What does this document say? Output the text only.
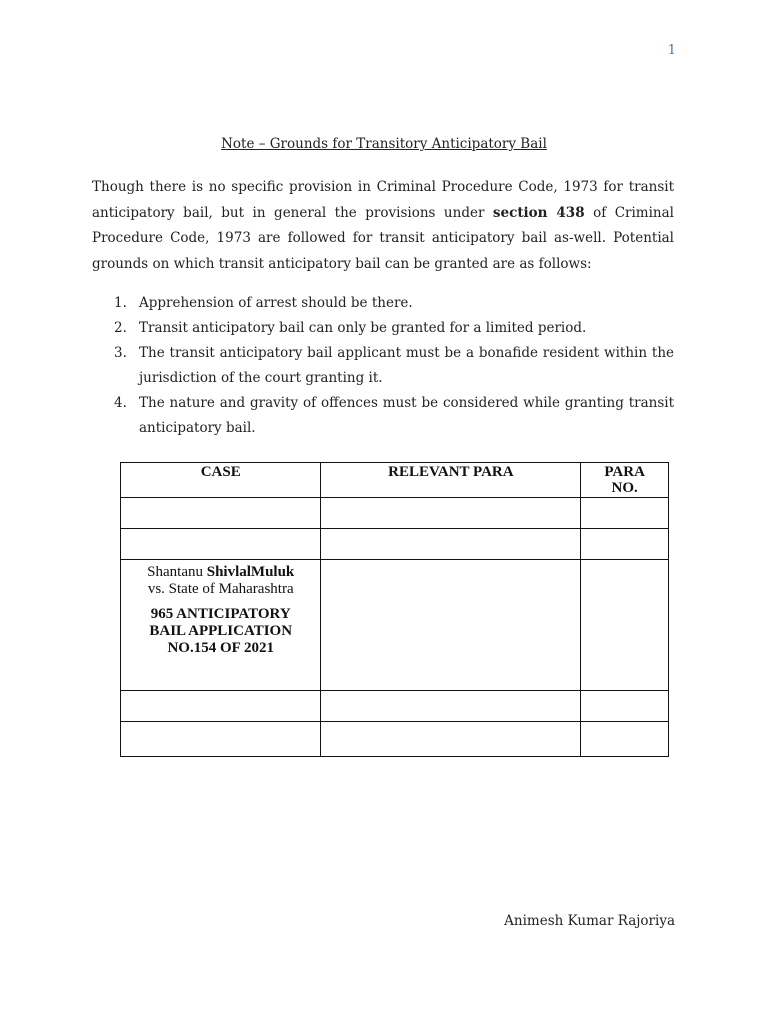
1
Note – Grounds for Transitory Anticipatory Bail

Though there is no specific provision in Criminal Procedure Code, 1973 for transit anticipatory bail, but in general the provisions under section 438 of Criminal Procedure Code, 1973 are followed for transit anticipatory bail as-well. Potential grounds on which transit anticipatory bail can be granted are as follows:

1. Apprehension of arrest should be there.
2. Transit anticipatory bail can only be granted for a limited period.
3. The transit anticipatory bail applicant must be a bonafide resident within the jurisdiction of the court granting it.
4. The nature and gravity of offences must be considered while granting transit anticipatory bail.
CASE	RELEVANT PARA	PARA
NO.

Shantanu ShivlalMuluk
vs. State of Maharashtra
965 ANTICIPATORY
BAIL APPLICATION
NO.154 OF 2021		

Animesh Kumar Rajoriya
